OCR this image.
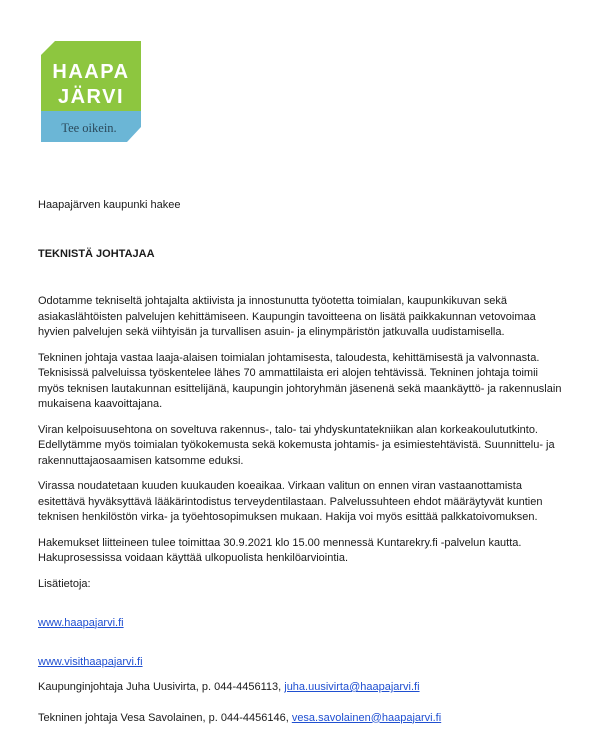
HAAPA
JÄRVI
Tee oikein.
Haapajärven kaupunki hakee
TEKNISTÄ JOHTAJAA

Odotamme tekniseltä johtajalta aktiivista ja innostunutta työotetta toimialan, kaupunkikuvan sekä
asiakaslähtöisten palvelujen kehittämiseen. Kaupungin tavoitteena on lisätä paikkakunnan vetovoimaa
hyvien palvelujen sekä viihtyisän ja turvallisen asuin- ja elinympäristön jatkuvalla uudistamisella.

Tekninen johtaja vastaa laaja-alaisen toimialan johtamisesta, taloudesta, kehittämisestä ja valvonnasta.
Teknisissä palveluissa työskentelee lähes 70 ammattilaista eri alojen tehtävissä. Tekninen johtaja toimii
myös teknisen lautakunnan esittelijänä, kaupungin johtoryhmän jäsenenä sekä maankäyttö- ja rakennuslain
mukaisena kaavoittajana.

Viran kelpoisuusehtona on soveltuva rakennus-, talo- tai yhdyskuntatekniikan alan korkeakoulututkinto.
Edellytämme myös toimialan työkokemusta sekä kokemusta johtamis- ja esimiestehtävistä. Suunnittelu- ja
rakennuttajaosaamisen katsomme eduksi.

Virassa noudatetaan kuuden kuukauden koeaikaa. Virkaan valitun on ennen viran vastaanottamista
esitettävä hyväksyttävä lääkärintodistus terveydentilastaan. Palvelussuhteen ehdot määräytyvät kuntien
teknisen henkilöstön virka- ja työehtosopimuksen mukaan. Hakija voi myös esittää palkkatoivomuksen.

Hakemukset liitteineen tulee toimittaa 30.9.2021 klo 15.00 mennessä Kuntarekry.fi -palvelun kautta.
Hakuprosessissa voidaan käyttää ulkopuolista henkilöarviointia.

Lisätietoja:

www.haapajarvi.fi

www.visithaapajarvi.fi

Kaupunginjohtaja Juha Uusivirta, p. 044-4456113, juha.uusivirta@haapajarvi.fi

Tekninen johtaja Vesa Savolainen, p. 044-4456146, vesa.savolainen@haapajarvi.fi
